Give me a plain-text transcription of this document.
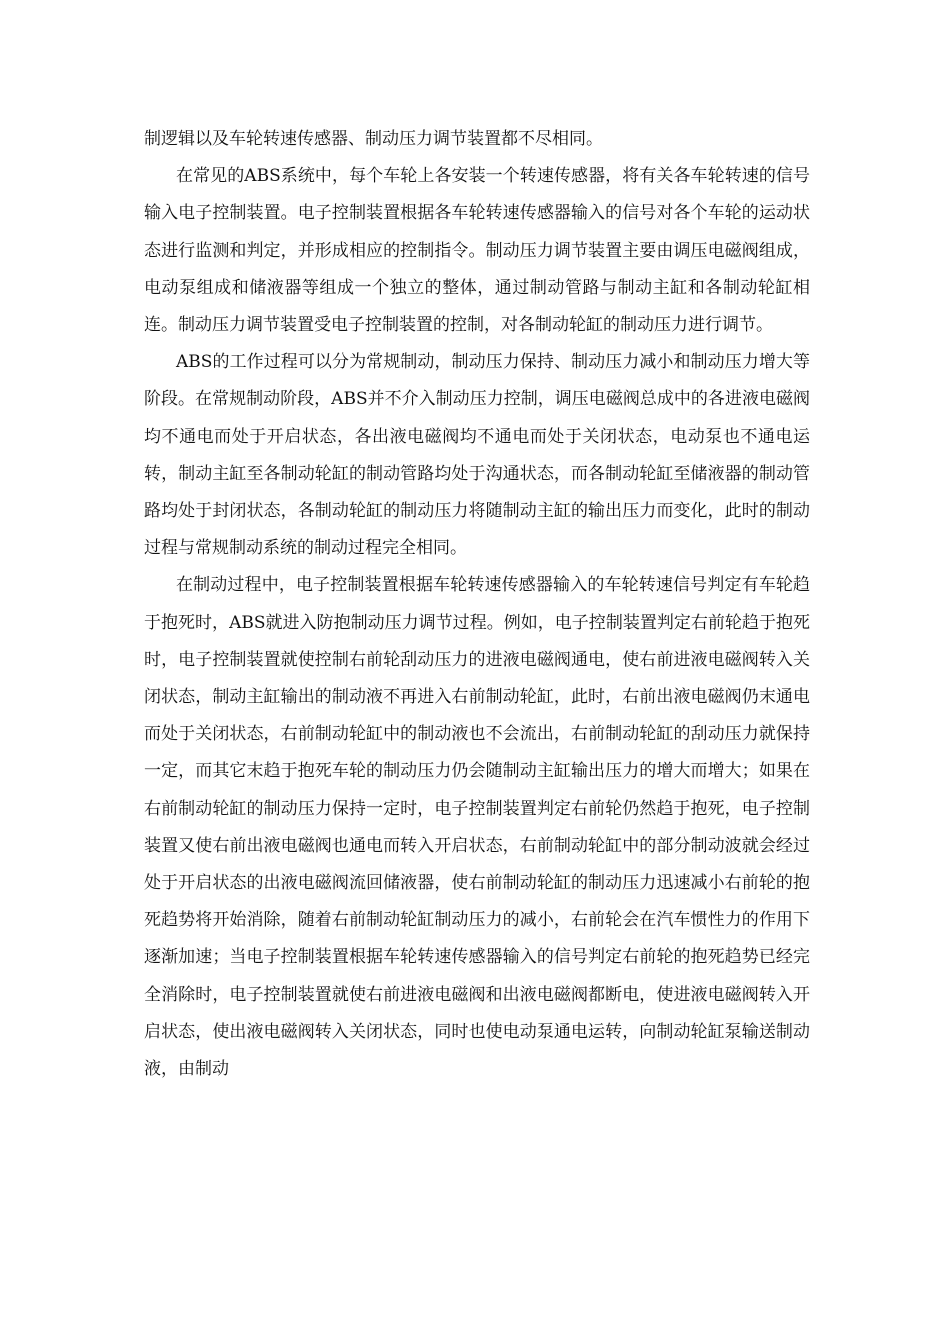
制逻辑以及车轮转速传感器、制动压力调节装置都不尽相同。

在常见的ABS系统中，每个车轮上各安装一个转速传感器，将有关各车轮转速的信号输入电子控制装置。电子控制装置根据各车轮转速传感器输入的信号对各个车轮的运动状态进行监测和判定，并形成相应的控制指令。制动压力调节装置主要由调压电磁阀组成，电动泵组成和储液器等组成一个独立的整体，通过制动管路与制动主缸和各制动轮缸相连。制动压力调节装置受电子控制装置的控制，对各制动轮缸的制动压力进行调节。

ABS的工作过程可以分为常规制动，制动压力保持、制动压力减小和制动压力增大等阶段。在常规制动阶段，ABS并不介入制动压力控制，调压电磁阀总成中的各进液电磁阀均不通电而处于开启状态，各出液电磁阀均不通电而处于关闭状态，电动泵也不通电运转，制动主缸至各制动轮缸的制动管路均处于沟通状态，而各制动轮缸至储液器的制动管路均处于封闭状态，各制动轮缸的制动压力将随制动主缸的输出压力而变化，此时的制动过程与常规制动系统的制动过程完全相同。

在制动过程中，电子控制装置根据车轮转速传感器输入的车轮转速信号判定有车轮趋于抱死时，ABS就进入防抱制动压力调节过程。例如，电子控制装置判定右前轮趋于抱死时，电子控制装置就使控制右前轮刮动压力的进液电磁阀通电，使右前进液电磁阀转入关闭状态，制动主缸输出的制动液不再进入右前制动轮缸，此时，右前出液电磁阀仍末通电而处于关闭状态，右前制动轮缸中的制动液也不会流出，右前制动轮缸的刮动压力就保持一定，而其它末趋于抱死车轮的制动压力仍会随制动主缸输出压力的增大而增大；如果在右前制动轮缸的制动压力保持一定时，电子控制装置判定右前轮仍然趋于抱死，电子控制装置又使右前出液电磁阀也通电而转入开启状态，右前制动轮缸中的部分制动波就会经过处于开启状态的出液电磁阀流回储液器，使右前制动轮缸的制动压力迅速减小右前轮的抱死趋势将开始消除，随着右前制动轮缸制动压力的减小，右前轮会在汽车惯性力的作用下逐渐加速；当电子控制装置根据车轮转速传感器输入的信号判定右前轮的抱死趋势已经完全消除时，电子控制装置就使右前进液电磁阀和出液电磁阀都断电，使进液电磁阀转入开启状态，使出液电磁阀转入关闭状态，同时也使电动泵通电运转，向制动轮缸泵输送制动液，由制动
